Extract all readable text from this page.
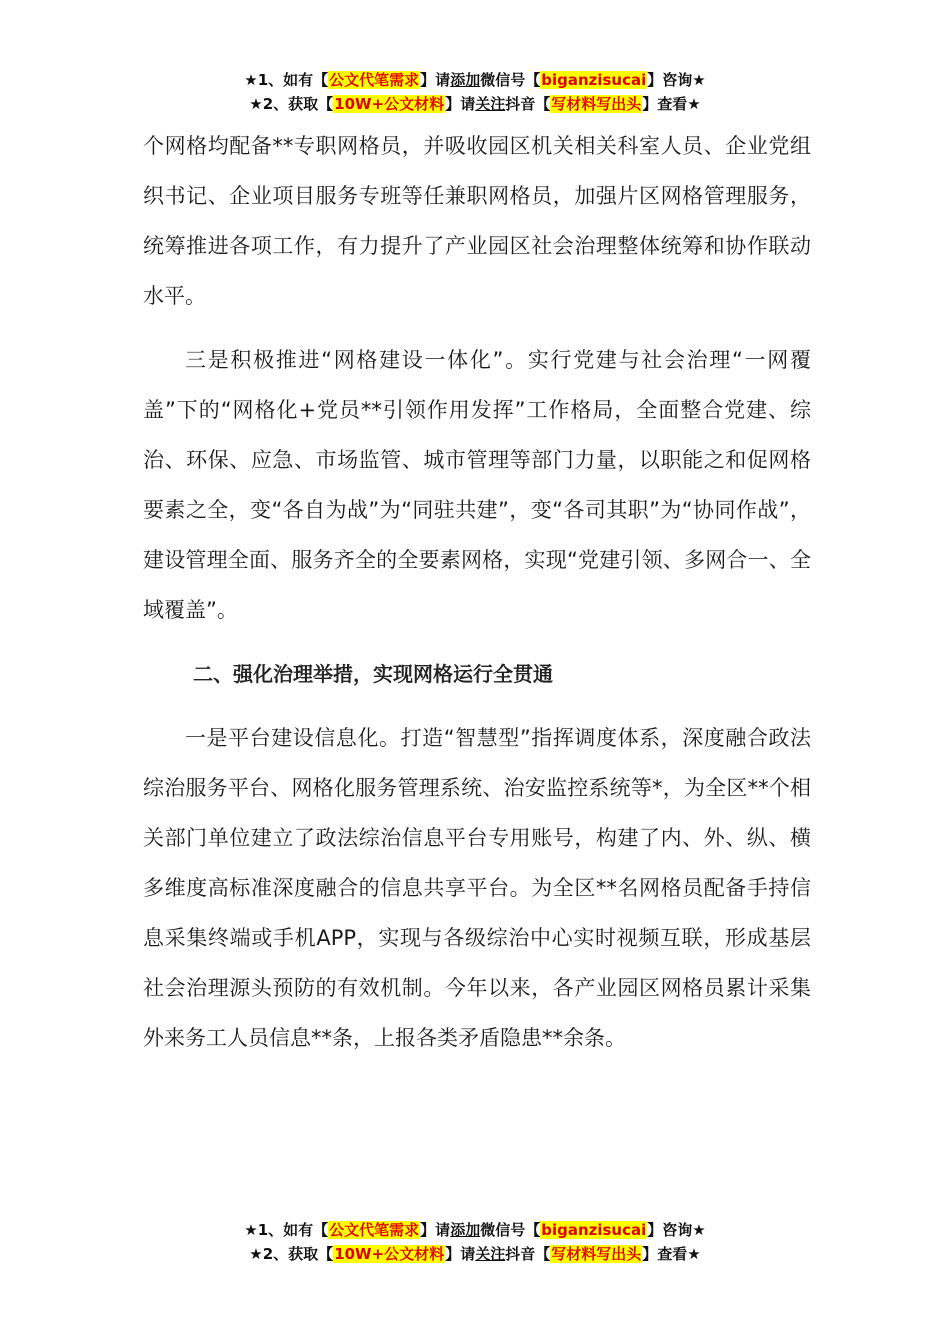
★1、如有【公文代笔需求】请添加微信号【biganzisucai】咨询★
★2、获取【10W+公文材料】请关注抖音【写材料写出头】查看★

个网格均配备**专职网格员，并吸收园区机关相关科室人员、企业党组织书记、企业项目服务专班等任兼职网格员，加强片区网格管理服务，统筹推进各项工作，有力提升了产业园区社会治理整体统筹和协作联动水平。

三是积极推进“网格建设一体化”。实行党建与社会治理“一网覆盖”下的“网格化+党员**引领作用发挥”工作格局，全面整合党建、综治、环保、应急、市场监管、城市管理等部门力量，以职能之和促网格要素之全，变“各自为战”为“同驻共建”，变“各司其职”为“协同作战”，建设管理全面、服务齐全的全要素网格，实现“党建引领、多网合一、全域覆盖”。

二、强化治理举措，实现网格运行全贯通

一是平台建设信息化。打造“智慧型”指挥调度体系，深度融合政法综治服务平台、网格化服务管理系统、治安监控系统等*，为全区**个相关部门单位建立了政法综治信息平台专用账号，构建了内、外、纵、横多维度高标准深度融合的信息共享平台。为全区**名网格员配备手持信息采集终端或手机APP，实现与各级综治中心实时视频互联，形成基层社会治理源头预防的有效机制。今年以来，各产业园区网格员累计采集外来务工人员信息**条，上报各类矛盾隐患**余条。

★1、如有【公文代笔需求】请添加微信号【biganzisucai】咨询★
★2、获取【10W+公文材料】请关注抖音【写材料写出头】查看★
